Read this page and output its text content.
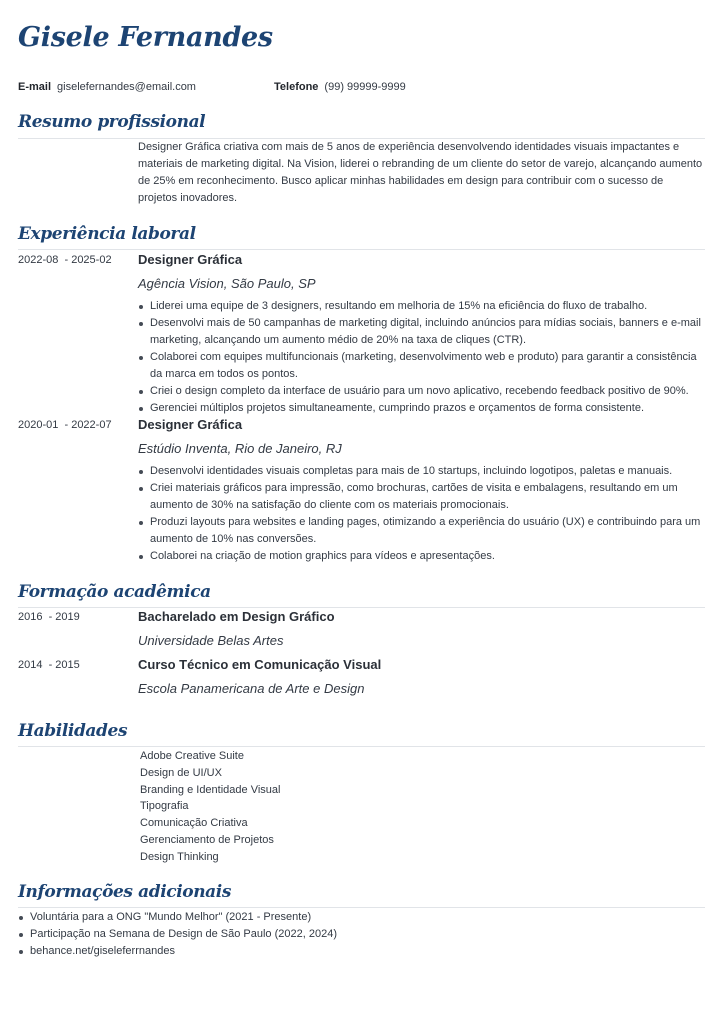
Gisele Fernandes
E-mail giselefernandes@email.com	Telefone (99) 99999-9999
Resumo profissional
Designer Gráfica criativa com mais de 5 anos de experiência desenvolvendo identidades visuais impactantes e materiais de marketing digital. Na Vision, liderei o rebranding de um cliente do setor de varejo, alcançando aumento de 25% em reconhecimento. Busco aplicar minhas habilidades em design para contribuir com o sucesso de projetos inovadores.
Experiência laboral
2022-08  - 2025-02 Designer Gráfica
Agência Vision, São Paulo, SP
Liderei uma equipe de 3 designers, resultando em melhoria de 15% na eficiência do fluxo de trabalho.
Desenvolvi mais de 50 campanhas de marketing digital, incluindo anúncios para mídias sociais, banners e e-mail marketing, alcançando um aumento médio de 20% na taxa de cliques (CTR).
Colaborei com equipes multifuncionais (marketing, desenvolvimento web e produto) para garantir a consistência da marca em todos os pontos.
Criei o design completo da interface de usuário para um novo aplicativo, recebendo feedback positivo de 90%.
Gerenciei múltiplos projetos simultaneamente, cumprindo prazos e orçamentos de forma consistente.
2020-01  - 2022-07 Designer Gráfica
Estúdio Inventa, Rio de Janeiro, RJ
Desenvolvi identidades visuais completas para mais de 10 startups, incluindo logotipos, paletas e manuais.
Criei materiais gráficos para impressão, como brochuras, cartões de visita e embalagens, resultando em um aumento de 30% na satisfação do cliente com os materiais promocionais.
Produzi layouts para websites e landing pages, otimizando a experiência do usuário (UX) e contribuindo para um aumento de 10% nas conversões.
Colaborei na criação de motion graphics para vídeos e apresentações.
Formação acadêmica
2016  - 2019	Bacharelado em Design Gráfico
Universidade Belas Artes
2014  - 2015	Curso Técnico em Comunicação Visual
Escola Panamericana de Arte e Design
Habilidades
Adobe Creative Suite
Design de UI/UX
Branding e Identidade Visual
Tipografia
Comunicação Criativa
Gerenciamento de Projetos
Design Thinking
Informações adicionais
Voluntária para a ONG "Mundo Melhor" (2021 - Presente)
Participação na Semana de Design de São Paulo (2022, 2024)
behance.net/giseleferrnandes
